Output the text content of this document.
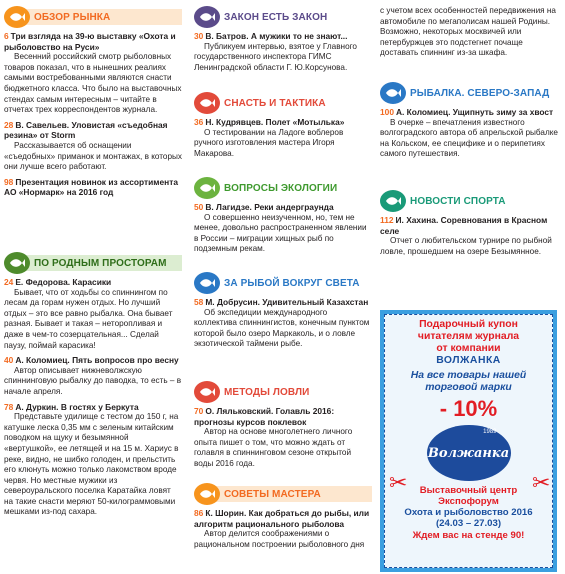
ОБЗОР РЫНКА
6 Три взгляда на 39-ю выставку «Охота и рыболовство на Руси»
Весенний российский смотр рыболовных товаров показал, что в нынешних реалиях самыми востребованными являются снасти бюджетного класса. Что было на выставочных стендах самым интересным – читайте в отчетах трех корреспондентов журнала.
28 В. Савельев. Уловистая «съедобная резина» от Storm
Рассказывается об оснащении «съедобных» приманок и монтажах, в которых они лучше всего работают.
98 Презентация новинок из ассортимента АО «Нормарк» на 2016 год
ПО РОДНЫМ ПРОСТОРАМ
24 Е. Федорова. Карасики
Бывает, что от ходьбы со спиннингом по лесам да горам нужен отдых. Но лучший отдых – это все равно рыбалка. Она бывает разная. Бывает и такая – неторопливая и даже в чем-то созерцательная... Сделай паузу, поймай карасика!
40 А. Коломиец. Пять вопросов про весну
Автор описывает нижневолжскую спиннинговую рыбалку до паводка, то есть – в начале апреля.
78 А. Дуркин. В гостях у Беркута
Представьте удилище с тестом до 150 г, на катушке леска 0,35 мм с зеленым китайским поводком на щуку и безымянной «вертушкой», ее летящей и на 15 м. Хариус в реке, видно, не шибко голоден, и прельстить его клюнуть можно только лакомством вроде червя. Но местные мужики из североуральского поселка Каратайка ловят на такие снасти меряют 50-килограммовыми мешками из-под сахара.
ЗАКОН ЕСТЬ ЗАКОН
30 В. Батров. А мужики то не знают...
Публикуем интервью, взятое у Главного государственного инспектора ГИМС Ленинградской области Г. Ю.Корсунова.
СНАСТЬ И ТАКТИКА
36 Н. Кудрявцев. Полет «Мотылька»
О тестировании на Ладоге воблеров ручного изготовления мастера Игоря Макарова.
ВОПРОСЫ ЭКОЛОГИИ
50 В. Лагидзе. Реки андерграунда
О совершенно неизученном, но, тем не менее, довольно распространенном явлении в России – миграции хищных рыб по подземным рекам.
ЗА РЫБОЙ ВОКРУГ СВЕТА
58 М. Добрусин. Удивительный Казахстан
Об экспедиции международного коллектива спиннингистов, конечным пунктом которой было озеро Маркаколь, и о ловле экзотической таймени рыбе.
МЕТОДЫ ЛОВЛИ
70 О. Ляльковский. Голавль 2016: прогнозы курсов поклевок
Автор на основе многолетнего личного опыта пишет о том, что можно ждать от голавля в спиннинговом сезоне открытой воды 2016 года.
СОВЕТЫ МАСТЕРА
86 К. Шорин. Как добраться до рыбы, или алгоритм рационального рыболова
Автор делится соображениями о рациональном построении рыболовного дня
с учетом всех особенностей передвижения на автомобиле по мегаполисам нашей Родины. Возможно, некоторых москвичей или петербуржцев это подстегнет почаще доставать спиннинг из-за шкафа.
РЫБАЛКА. СЕВЕРО-ЗАПАД
100 А. Коломиец. Ущипнуть зиму за хвост
В очерке – впечатления известного волгоградского автора об апрельской рыбалке на Кольском, ее специфике и о перипетиях самого путешествия.
НОВОСТИ СПОРТА
112 И. Хахина. Соревнования в Красном селе
Отчет о любительском турнире по рыбной ловле, прошедшем на озере Безымянное.
Подарочный купон
читателям журнала
от компании
ВОЛЖАНКА
На все товары нашей
торговой марки
- 10%
1989
Волжанка
✂	✂
Выставочный центр
Экспофорум
Охота и рыболовство 2016
(24.03 – 27.03)
Ждем вас на стенде 90!
